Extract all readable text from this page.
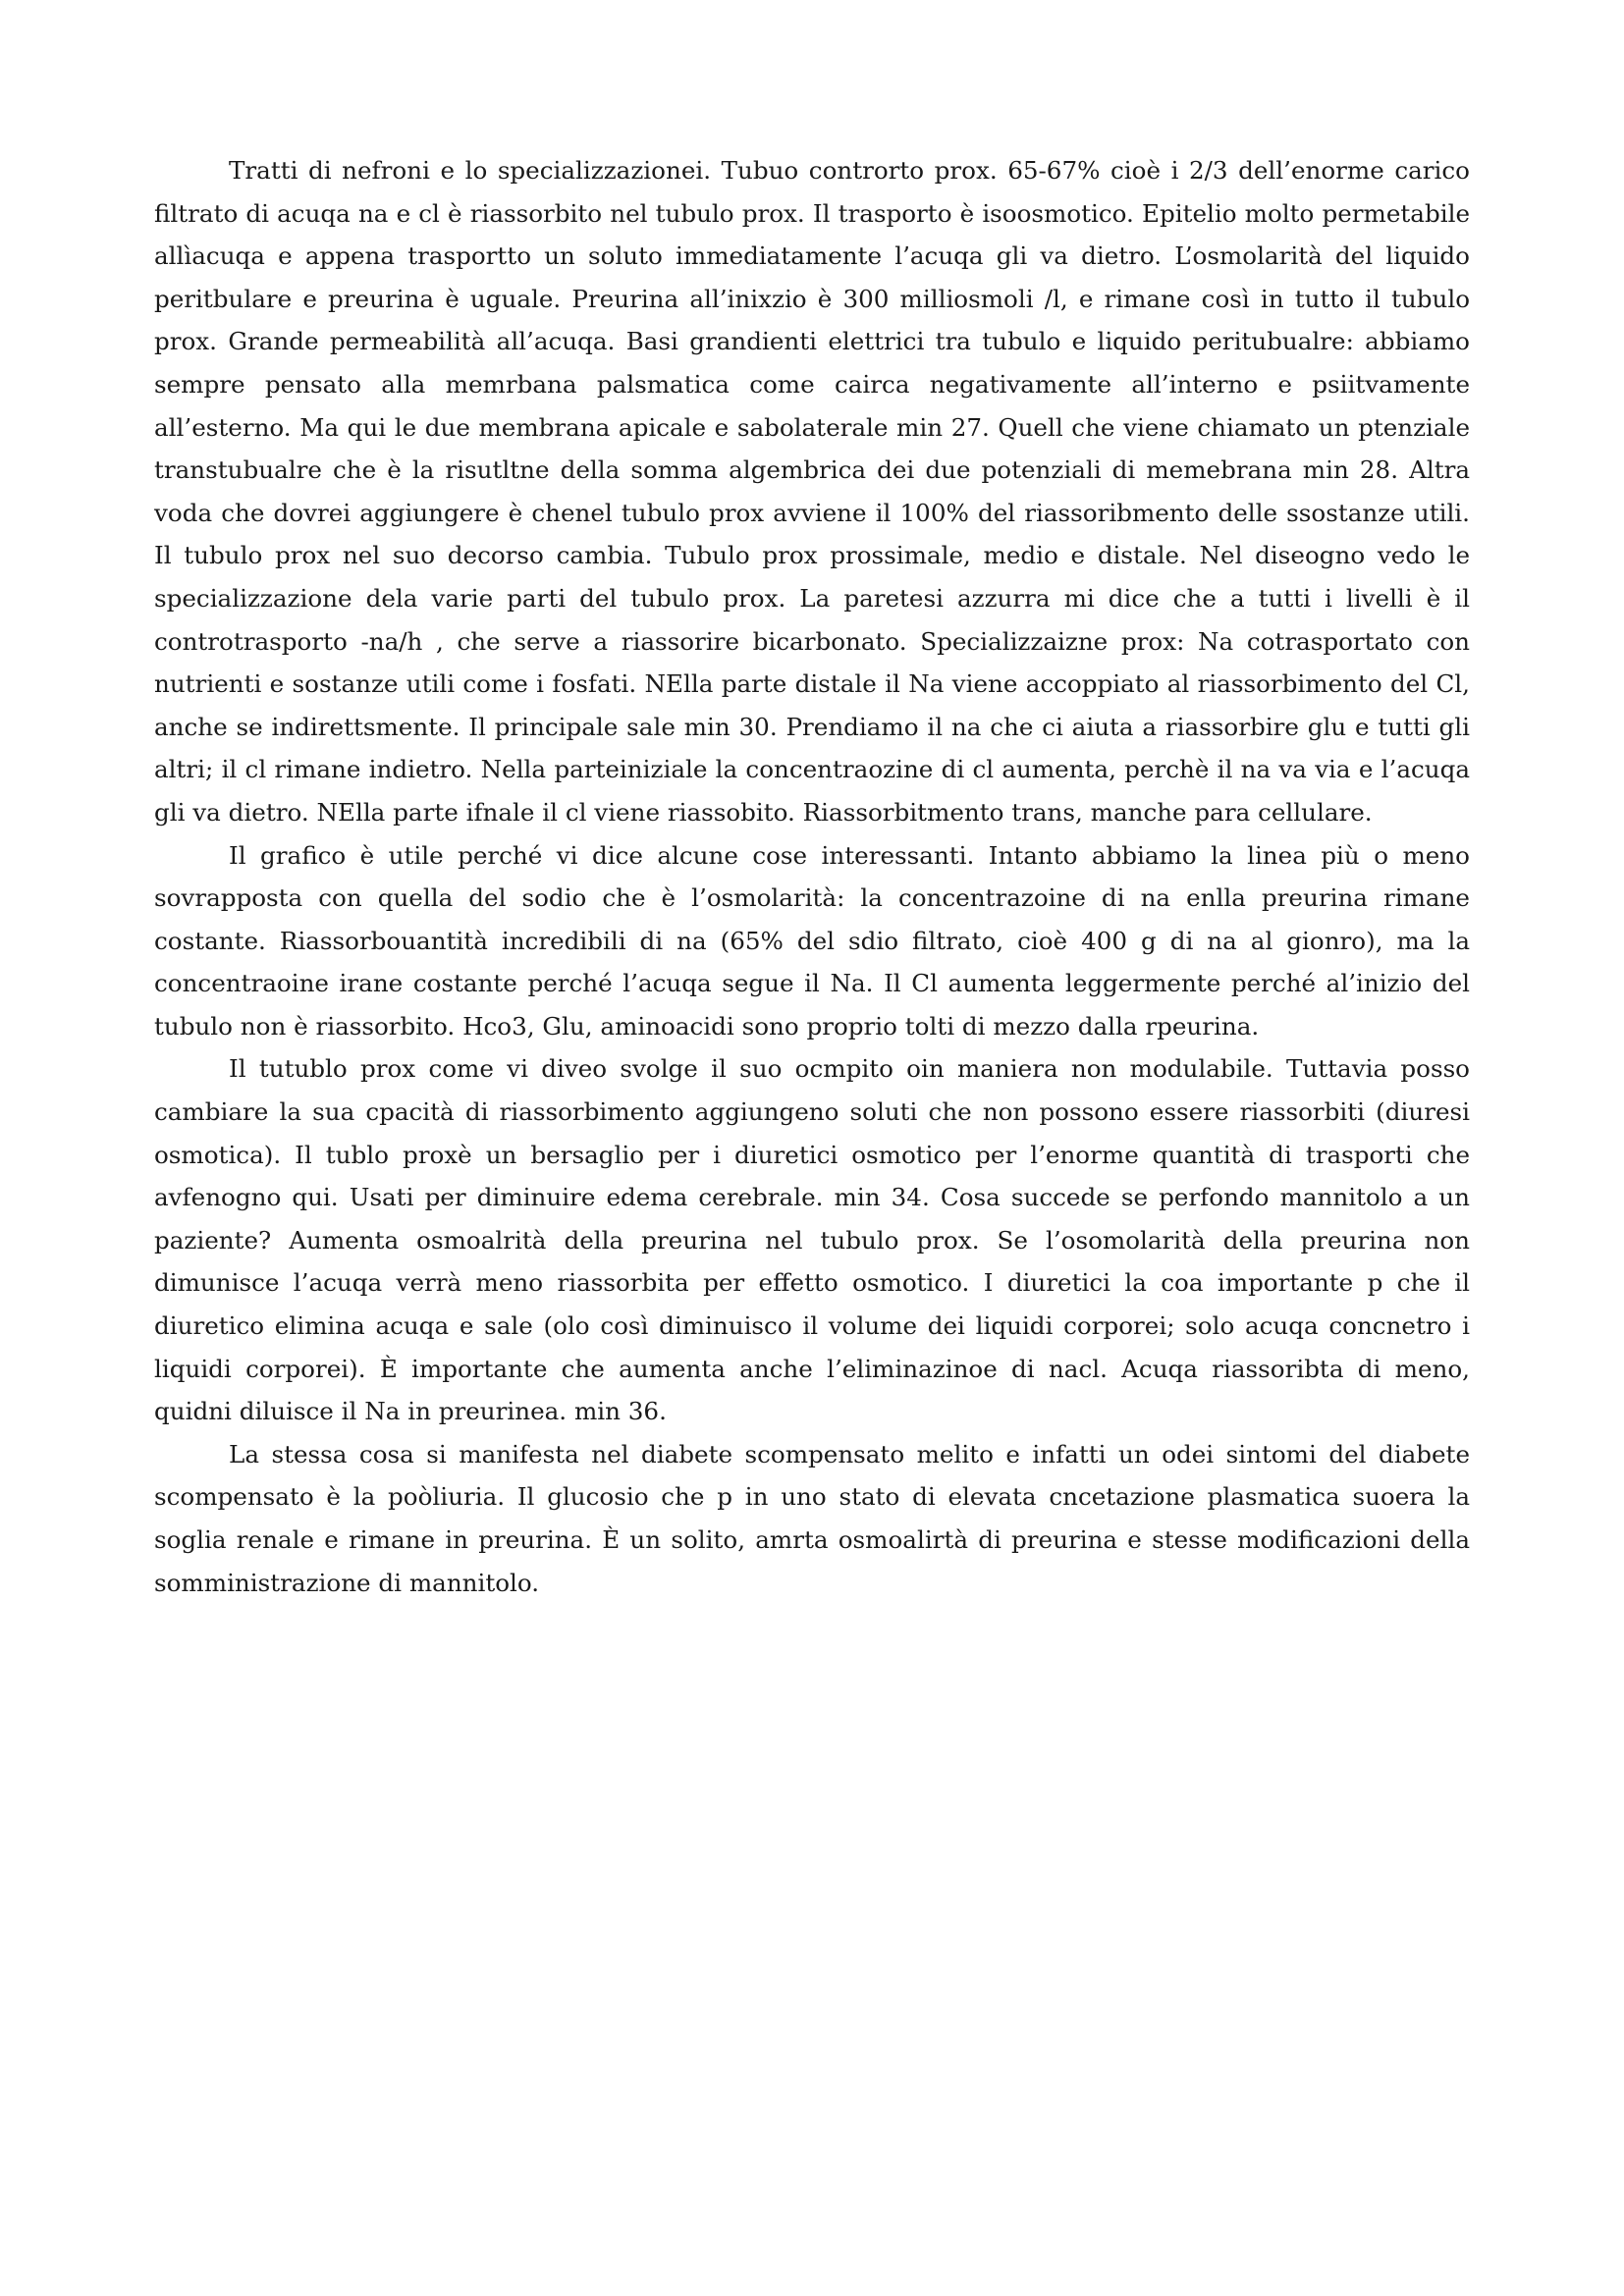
Tratti di nefroni e lo specializzazionei. Tubuo controrto prox. 65-67% cioè i 2/3 dell’enorme carico filtrato di acuqa na e cl è riassorbito nel tubulo prox. Il trasporto è isoosmotico. Epitelio molto permetabile allìacuqa e appena trasportto un soluto immediatamente l’acuqa gli va dietro. L’osmolarità del liquido peritbulare e preurina è uguale. Preurina all’inixzio è 300 milliosmoli /l, e rimane così in tutto il tubulo prox. Grande permeabilità all’acuqa. Basi grandienti elettrici tra tubulo e liquido peritubualre: abbiamo sempre pensato alla memrbana palsmatica come cairca negativamente all’interno e psiitvamente all’esterno. Ma qui le due membrana apicale e sabolaterale min 27. Quell che viene chiamato un ptenziale transtubualre che è la risutltne della somma algembrica dei due potenziali di memebrana min 28. Altra voda che dovrei aggiungere è chenel tubulo prox avviene il 100% del riassoribmento delle ssostanze utili. Il tubulo prox nel suo decorso cambia. Tubulo prox prossimale, medio e distale. Nel diseogno vedo le specializzazione dela varie parti del tubulo prox. La paretesi azzurra mi dice che a tutti i livelli è il controtrasporto -na/h , che serve a riassorire bicarbonato. Specializzaizne prox: Na cotrasportato con nutrienti e sostanze utili come i fosfati. NElla parte distale il Na viene accoppiato al riassorbimento del Cl, anche se indirettsmente. Il principale sale min 30. Prendiamo il na che ci aiuta a riassorbire glu e tutti gli altri; il cl rimane indietro. Nella parteiniziale la concentraozine di cl aumenta, perchè il na va via e l’acuqa gli va dietro. NElla parte ifnale il cl viene riassobito. Riassorbitmento trans, manche para cellulare.

Il grafico è utile perché vi dice alcune cose interessanti. Intanto abbiamo la linea più o meno sovrapposta con quella del sodio che è l’osmolarità: la concentrazoine di na enlla preurina rimane costante. Riassorbouantità incredibili di na (65% del sdio filtrato, cioè 400 g di na al gionro), ma la concentraoine irane costante perché l’acuqa segue il Na. Il Cl aumenta leggermente perché al’inizio del tubulo non è riassorbito. Hco3, Glu, aminoacidi sono proprio tolti di mezzo dalla rpeurina.

Il tutublo prox come vi diveo svolge il suo ocmpito oin maniera non modulabile. Tuttavia posso cambiare la sua cpacità di riassorbimento aggiungeno soluti che non possono essere riassorbiti (diuresi osmotica). Il tublo proxè un bersaglio per i diuretici osmotico per l’enorme quantità di trasporti che avfenogno qui. Usati per diminuire edema cerebrale. min 34. Cosa succede se perfondo mannitolo a un paziente? Aumenta osmoalrità della preurina nel tubulo prox. Se l’osomolarità della preurina non dimunisce l’acuqa verrà meno riassorbita per effetto osmotico. I diuretici la coa importante p che il diuretico elimina acuqa e sale (olo così diminuisco il volume dei liquidi corporei; solo acuqa concnetro i liquidi corporei). È importante che aumenta anche l’eliminazinoe di nacl. Acuqa riassoribta di meno, quidni diluisce il Na in preurinea. min 36.

La stessa cosa si manifesta nel diabete scompensato melito e infatti un odei sintomi del diabete scompensato è la poòliuria. Il glucosio che p in uno stato di elevata cncetazione plasmatica suoera la soglia renale e rimane in preurina. È un solito, amrta osmoalirtà di preurina e stesse modificazioni della somministrazione di mannitolo.
